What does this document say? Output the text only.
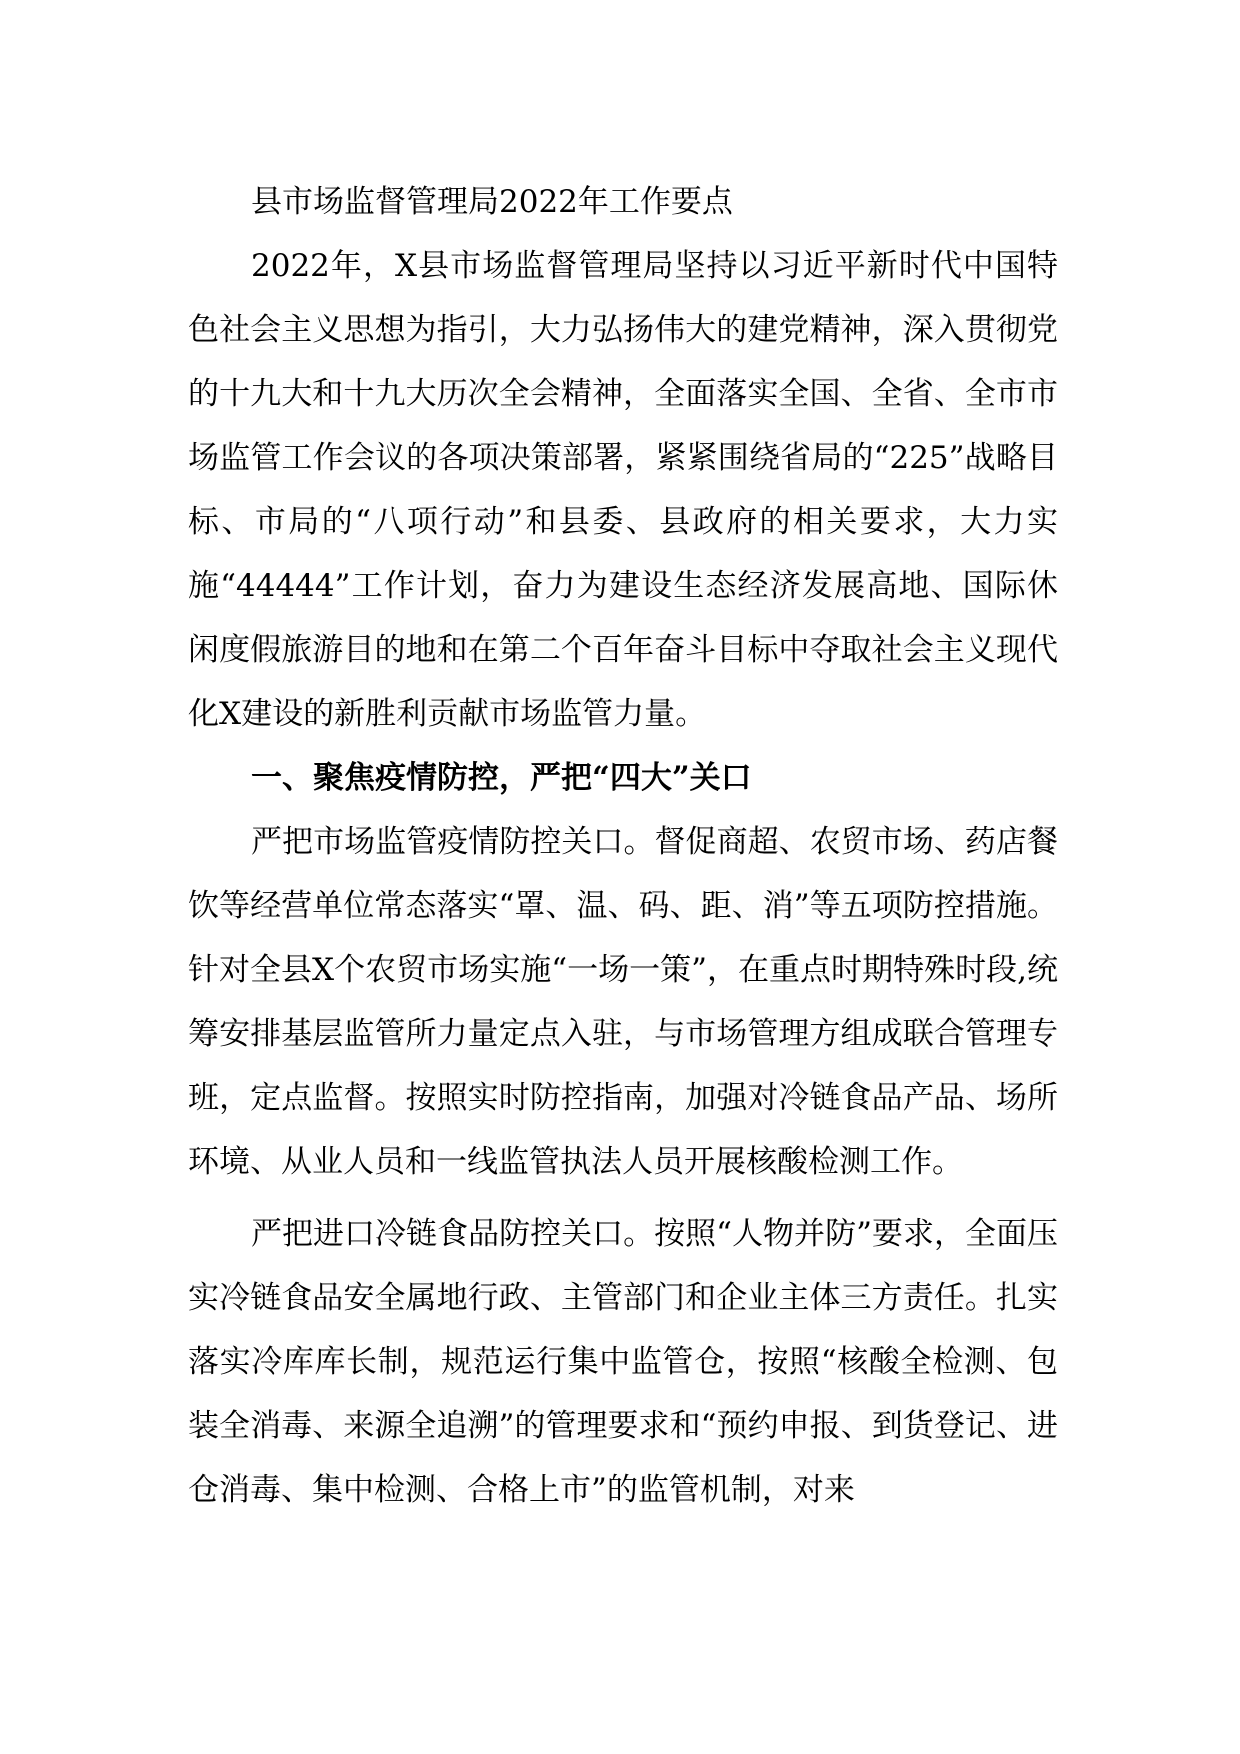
县市场监督管理局2022年工作要点

2022年，X县市场监督管理局坚持以习近平新时代中国特色社会主义思想为指引，大力弘扬伟大的建党精神，深入贯彻党的十九大和十九大历次全会精神，全面落实全国、全省、全市市场监管工作会议的各项决策部署，紧紧围绕省局的“225”战略目标、市局的“八项行动”和县委、县政府的相关要求，大力实施“44444”工作计划，奋力为建设生态经济发展高地、国际休闲度假旅游目的地和在第二个百年奋斗目标中夺取社会主义现代化X建设的新胜利贡献市场监管力量。

一、聚焦疫情防控，严把“四大”关口

严把市场监管疫情防控关口。督促商超、农贸市场、药店餐饮等经营单位常态落实“罩、温、码、距、消”等五项防控措施。针对全县X个农贸市场实施“一场一策”，在重点时期特殊时段,统筹安排基层监管所力量定点入驻，与市场管理方组成联合管理专班，定点监督。按照实时防控指南，加强对冷链食品产品、场所环境、从业人员和一线监管执法人员开展核酸检测工作。

严把进口冷链食品防控关口。按照“人物并防”要求，全面压实冷链食品安全属地行政、主管部门和企业主体三方责任。扎实落实冷库库长制，规范运行集中监管仓，按照“核酸全检测、包装全消毒、来源全追溯”的管理要求和“预约申报、到货登记、进仓消毒、集中检测、合格上市”的监管机制，对来
